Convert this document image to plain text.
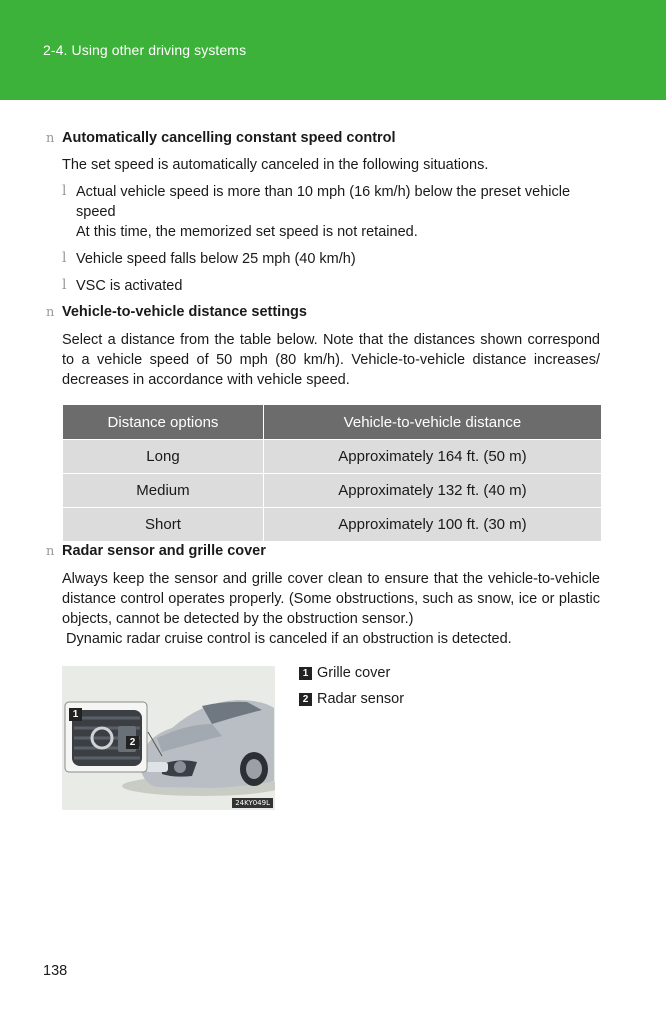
2-4. Using other driving systems
n Automatically cancelling constant speed control
The set speed is automatically canceled in the following situations.
l Actual vehicle speed is more than 10 mph (16 km/h) below the preset vehicle
speed
At this time, the memorized set speed is not retained.
l Vehicle speed falls below 25 mph (40 km/h)
l VSC is activated
n Vehicle-to-vehicle distance settings
Select a distance from the table below. Note that the distances shown correspond to a vehicle speed of 50 mph (80 km/h). Vehicle-to-vehicle distance increases/ decreases in accordance with vehicle speed.
Distance options	Vehicle-to-vehicle distance
Long	Approximately 164 ft. (50 m)
Medium	Approximately 132 ft. (40 m)
Short	Approximately 100 ft. (30 m)
n Radar sensor and grille cover
Always keep the sensor and grille cover clean to ensure that the vehicle-to-vehicle distance control operates properly. (Some obstructions, such as snow, ice or plastic objects, cannot be detected by the obstruction sensor.)
Dynamic radar cruise control is canceled if an obstruction is detected.
1
2
24KY049L
1 Grille cover
2 Radar sensor
138
